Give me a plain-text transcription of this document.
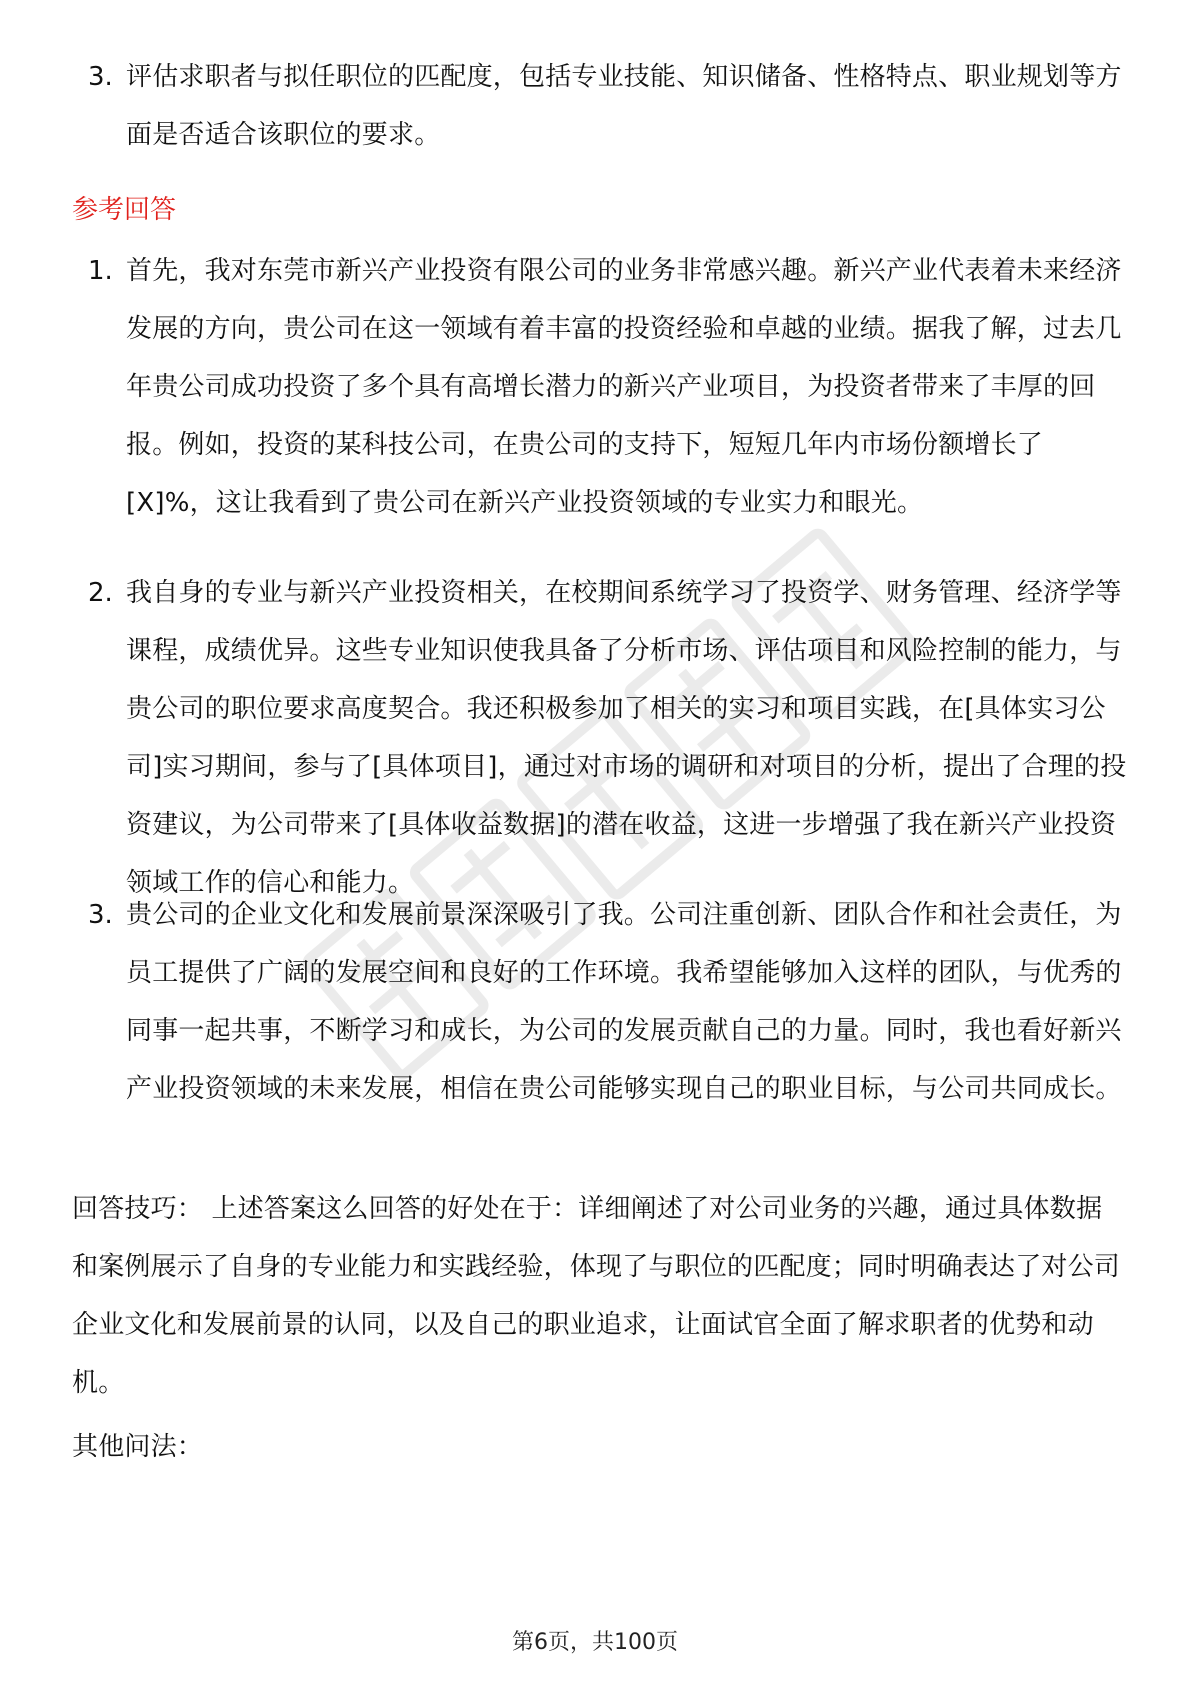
3. 评估求职者与拟任职位的匹配度，包括专业技能、知识储备、性格特点、职业规划等方面是否适合该职位的要求。
参考回答
1. 首先，我对东莞市新兴产业投资有限公司的业务非常感兴趣。新兴产业代表着未来经济发展的方向，贵公司在这一领域有着丰富的投资经验和卓越的业绩。据我了解，过去几年贵公司成功投资了多个具有高增长潜力的新兴产业项目，为投资者带来了丰厚的回报。例如，投资的某科技公司，在贵公司的支持下，短短几年内市场份额增长了[X]%，这让我看到了贵公司在新兴产业投资领域的专业实力和眼光。
2. 我自身的专业与新兴产业投资相关，在校期间系统学习了投资学、财务管理、经济学等课程，成绩优异。这些专业知识使我具备了分析市场、评估项目和风险控制的能力，与贵公司的职位要求高度契合。我还积极参加了相关的实习和项目实践，在[具体实习公司]实习期间，参与了[具体项目]，通过对市场的调研和对项目的分析，提出了合理的投资建议，为公司带来了[具体收益数据]的潜在收益，这进一步增强了我在新兴产业投资领域工作的信心和能力。
3. 贵公司的企业文化和发展前景深深吸引了我。公司注重创新、团队合作和社会责任，为员工提供了广阔的发展空间和良好的工作环境。我希望能够加入这样的团队，与优秀的同事一起共事，不断学习和成长，为公司的发展贡献自己的力量。同时，我也看好新兴产业投资领域的未来发展，相信在贵公司能够实现自己的职业目标，与公司共同成长。
回答技巧： 上述答案这么回答的好处在于：详细阐述了对公司业务的兴趣，通过具体数据和案例展示了自身的专业能力和实践经验，体现了与职位的匹配度；同时明确表达了对公司企业文化和发展前景的认同，以及自己的职业追求，让面试官全面了解求职者的优势和动机。
其他问法：
第6页，共100页
